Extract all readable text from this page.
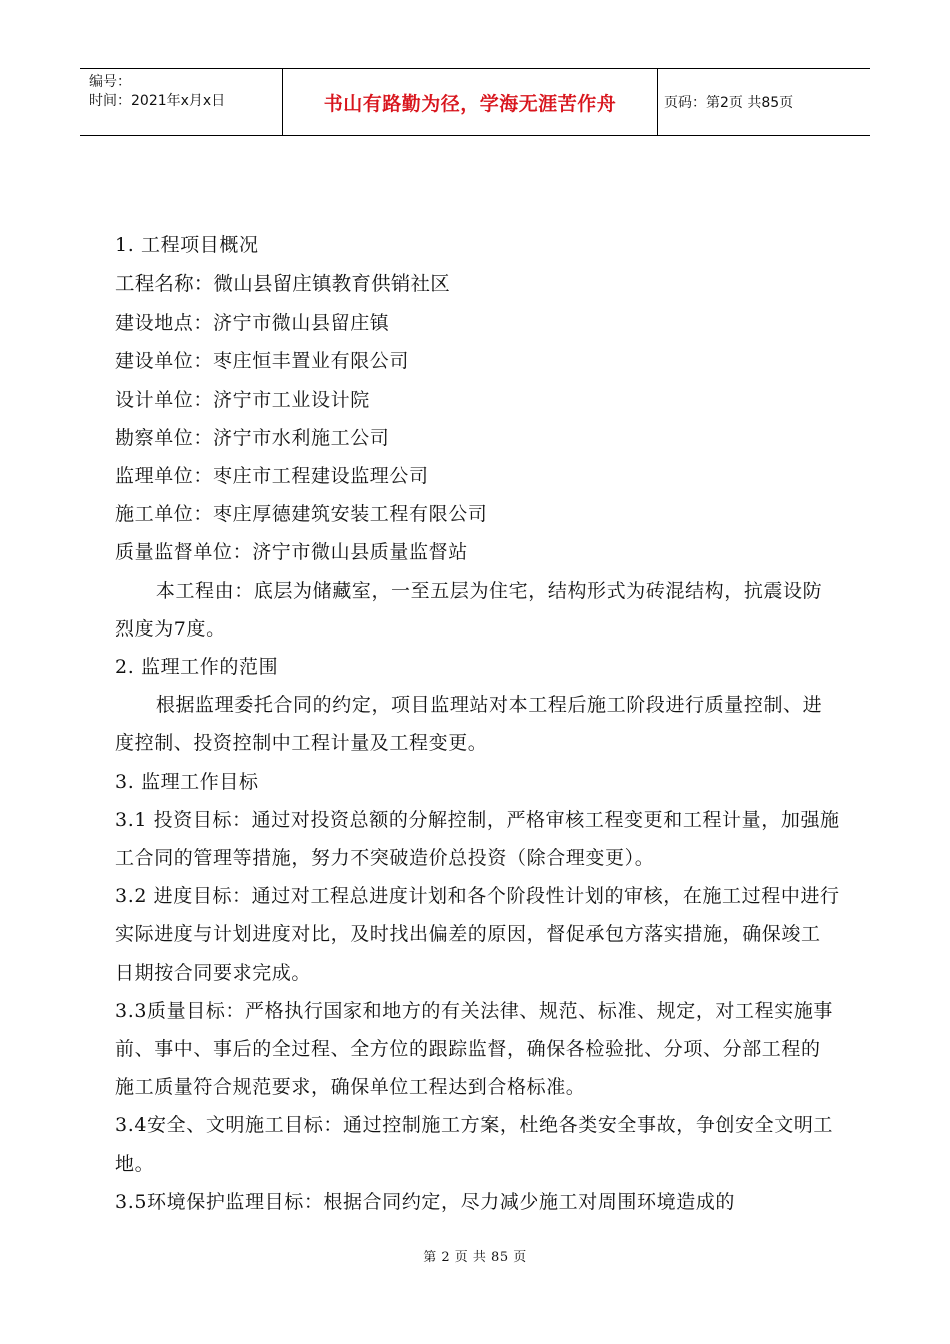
编号：
时间：2021年x月x日	书山有路勤为径，学海无涯苦作舟	页码：第2页 共85页

1. 工程项目概况

工程名称：微山县留庄镇教育供销社区

建设地点：济宁市微山县留庄镇

建设单位：枣庄恒丰置业有限公司

设计单位：济宁市工业设计院

勘察单位：济宁市水利施工公司

监理单位：枣庄市工程建设监理公司

施工单位：枣庄厚德建筑安装工程有限公司

质量监督单位：济宁市微山县质量监督站

本工程由：底层为储藏室，一至五层为住宅，结构形式为砖混结构，抗震设防烈度为7度。

2. 监理工作的范围

根据监理委托合同的约定，项目监理站对本工程后施工阶段进行质量控制、进度控制、投资控制中工程计量及工程变更。

3. 监理工作目标

3.1 投资目标：通过对投资总额的分解控制，严格审核工程变更和工程计量，加强施工合同的管理等措施，努力不突破造价总投资（除合理变更）。

3.2 进度目标：通过对工程总进度计划和各个阶段性计划的审核，在施工过程中进行实际进度与计划进度对比，及时找出偏差的原因，督促承包方落实措施，确保竣工日期按合同要求完成。

3.3质量目标：严格执行国家和地方的有关法律、规范、标准、规定，对工程实施事前、事中、事后的全过程、全方位的跟踪监督，确保各检验批、分项、分部工程的施工质量符合规范要求，确保单位工程达到合格标准。

3.4安全、文明施工目标：通过控制施工方案，杜绝各类安全事故，争创安全文明工地。

3.5环境保护监理目标：根据合同约定，尽力减少施工对周围环境造成的

第 2 页 共 85 页
